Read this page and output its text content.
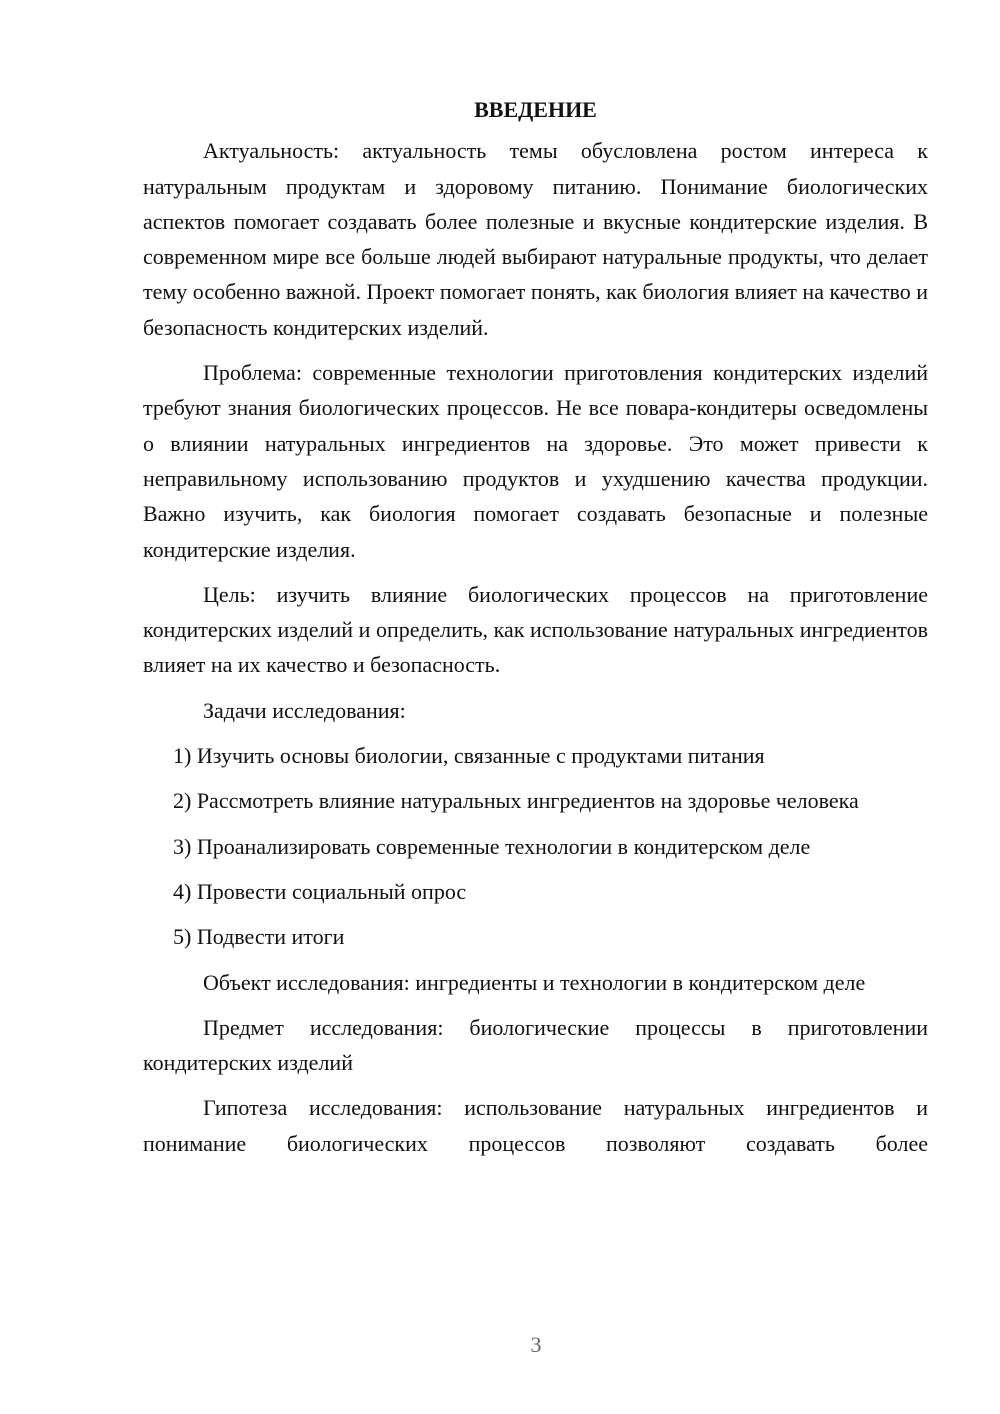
ВВЕДЕНИЕ

Актуальность: актуальность темы обусловлена ростом интереса к натуральным продуктам и здоровому питанию. Понимание биологических аспектов помогает создавать более полезные и вкусные кондитерские изделия. В современном мире все больше людей выбирают натуральные продукты, что делает тему особенно важной. Проект помогает понять, как биология влияет на качество и безопасность кондитерских изделий.

Проблема: современные технологии приготовления кондитерских изделий требуют знания биологических процессов. Не все повара-кондитеры осведомлены о влиянии натуральных ингредиентов на здоровье. Это может привести к неправильному использованию продуктов и ухудшению качества продукции. Важно изучить, как биология помогает создавать безопасные и полезные кондитерские изделия.

Цель: изучить влияние биологических процессов на приготовление кондитерских изделий и определить, как использование натуральных ингредиентов влияет на их качество и безопасность.

Задачи исследования:

1) Изучить основы биологии, связанные с продуктами питания

2) Рассмотреть влияние натуральных ингредиентов на здоровье человека

3) Проанализировать современные технологии в кондитерском деле

4) Провести социальный опрос

5) Подвести итоги

Объект исследования: ингредиенты и технологии в кондитерском деле

Предмет исследования: биологические процессы в приготовлении кондитерских изделий

Гипотеза исследования: использование натуральных ингредиентов и понимание биологических процессов позволяют создавать более

3
